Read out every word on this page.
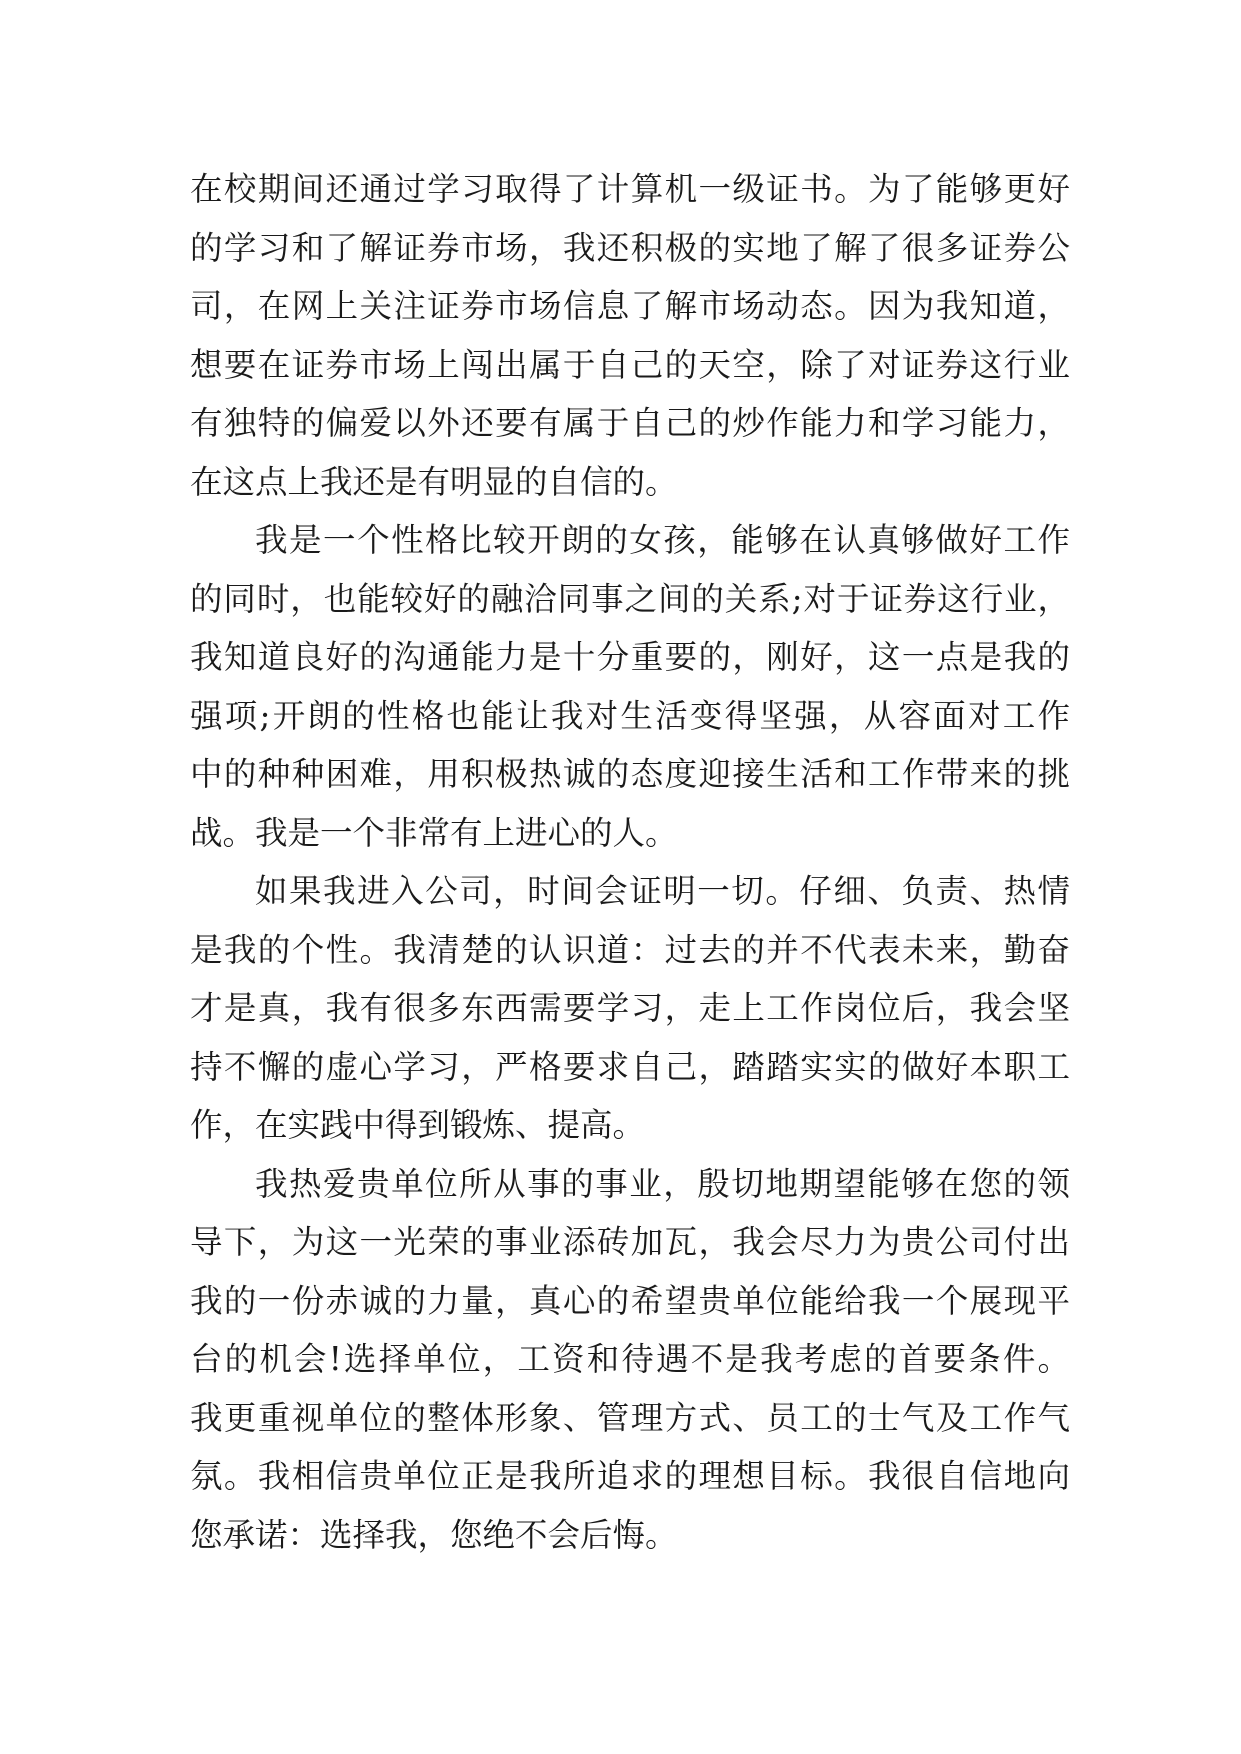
在校期间还通过学习取得了计算机一级证书。为了能够更好
的学习和了解证券市场，我还积极的实地了解了很多证券公
司，在网上关注证券市场信息了解市场动态。因为我知道，
想要在证券市场上闯出属于自己的天空，除了对证券这行业
有独特的偏爱以外还要有属于自己的炒作能力和学习能力，
在这点上我还是有明显的自信的。
我是一个性格比较开朗的女孩，能够在认真够做好工作
的同时，也能较好的融洽同事之间的关系;对于证券这行业，
我知道良好的沟通能力是十分重要的，刚好，这一点是我的
强项;开朗的性格也能让我对生活变得坚强，从容面对工作
中的种种困难，用积极热诚的态度迎接生活和工作带来的挑
战。我是一个非常有上进心的人。
如果我进入公司，时间会证明一切。仔细、负责、热情
是我的个性。我清楚的认识道：过去的并不代表未来，勤奋
才是真，我有很多东西需要学习，走上工作岗位后，我会坚
持不懈的虚心学习，严格要求自己，踏踏实实的做好本职工
作，在实践中得到锻炼、提高。
我热爱贵单位所从事的事业，殷切地期望能够在您的领
导下，为这一光荣的事业添砖加瓦，我会尽力为贵公司付出
我的一份赤诚的力量，真心的希望贵单位能给我一个展现平
台的机会!选择单位，工资和待遇不是我考虑的首要条件。
我更重视单位的整体形象、管理方式、员工的士气及工作气
氛。我相信贵单位正是我所追求的理想目标。我很自信地向
您承诺：选择我，您绝不会后悔。
